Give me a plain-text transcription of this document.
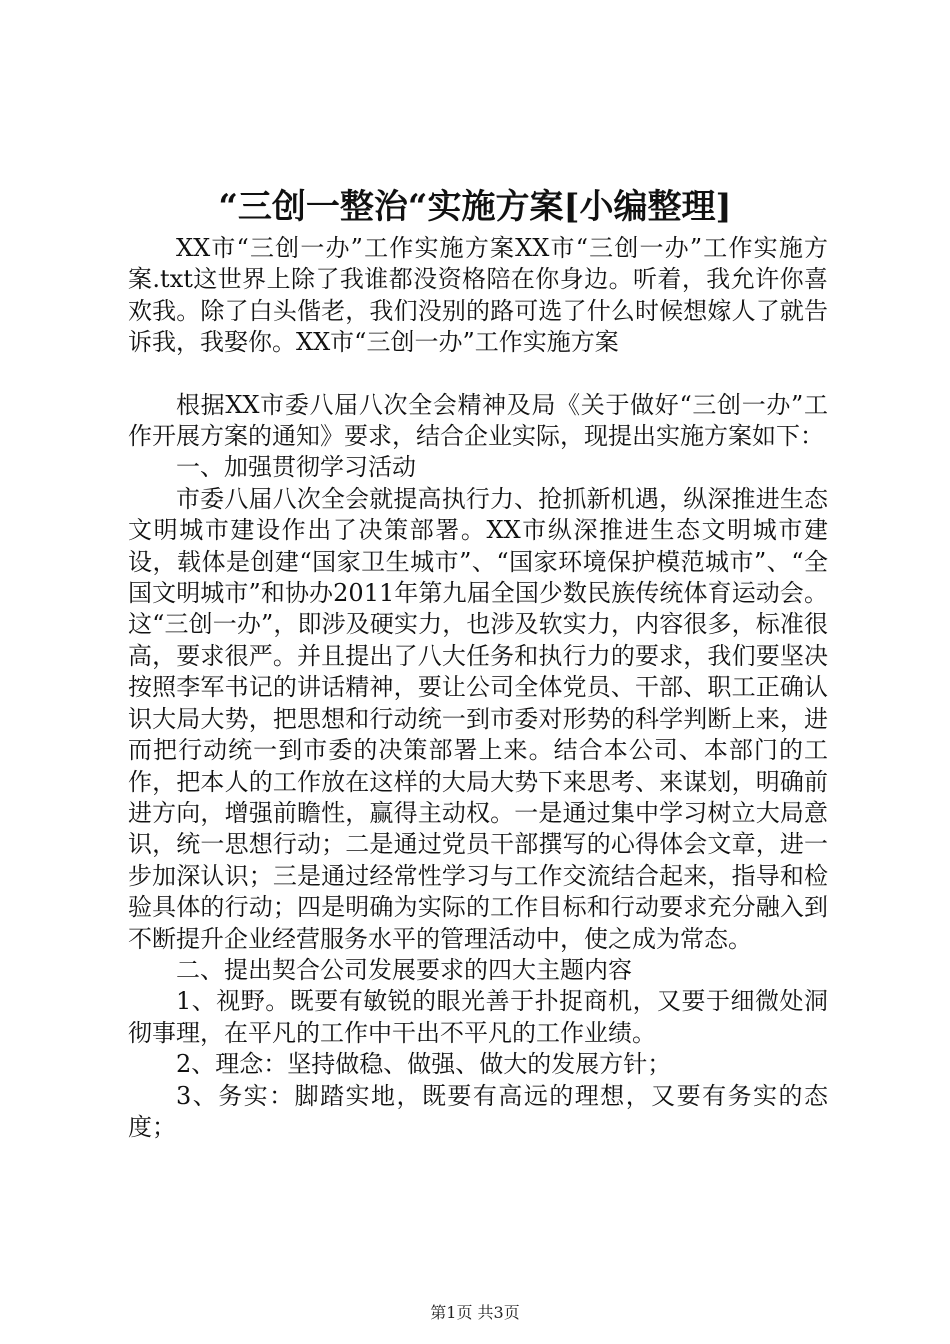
“三创一整治“实施方案[小编整理]

XX市“三创一办”工作实施方案XX市“三创一办”工作实施方案.txt这世界上除了我谁都没资格陪在你身边。听着，我允许你喜欢我。除了白头偕老，我们没别的路可选了什么时候想嫁人了就告诉我，我娶你。XX市“三创一办”工作实施方案

根据XX市委八届八次全会精神及局《关于做好“三创一办”工作开展方案的通知》要求，结合企业实际，现提出实施方案如下：

一、加强贯彻学习活动

市委八届八次全会就提高执行力、抢抓新机遇，纵深推进生态文明城市建设作出了决策部署。XX市纵深推进生态文明城市建设，载体是创建“国家卫生城市”、“国家环境保护模范城市”、“全国文明城市”和协办2011年第九届全国少数民族传统体育运动会。这“三创一办”，即涉及硬实力，也涉及软实力，内容很多，标准很高，要求很严。并且提出了八大任务和执行力的要求，我们要坚决按照李军书记的讲话精神，要让公司全体党员、干部、职工正确认识大局大势，把思想和行动统一到市委对形势的科学判断上来，进而把行动统一到市委的决策部署上来。结合本公司、本部门的工作，把本人的工作放在这样的大局大势下来思考、来谋划，明确前进方向，增强前瞻性，赢得主动权。一是通过集中学习树立大局意识，统一思想行动；二是通过党员干部撰写的心得体会文章，进一步加深认识；三是通过经常性学习与工作交流结合起来，指导和检验具体的行动；四是明确为实际的工作目标和行动要求充分融入到不断提升企业经营服务水平的管理活动中，使之成为常态。

二、提出契合公司发展要求的四大主题内容

1、视野。既要有敏锐的眼光善于扑捉商机，又要于细微处洞彻事理，在平凡的工作中干出不平凡的工作业绩。

2、理念：坚持做稳、做强、做大的发展方针；

3、务实：脚踏实地，既要有高远的理想，又要有务实的态度；

第1页 共3页
